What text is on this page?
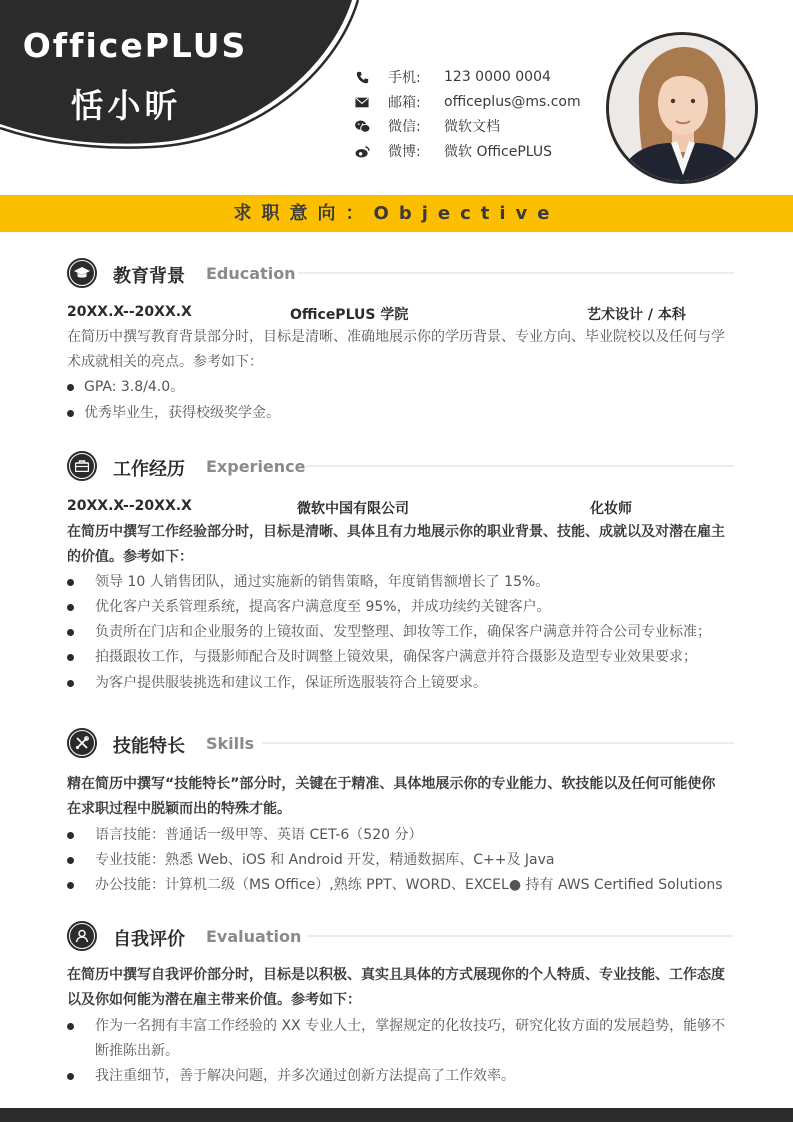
OfficePLUS
恬小昕
手机:	123 0000 0004
邮箱:	officeplus@ms.com
微信:	微软文档
微博:	微软 OfficePLUS
求职意向：Objective
教育背景 Education
20XX.X--20XX.X	OfficePLUS 学院	艺术设计 / 本科
在简历中撰写教育背景部分时，目标是清晰、准确地展示你的学历背景、专业方向、毕业院校以及任何与学术成就相关的亮点。参考如下：
GPA: 3.8/4.0。
优秀毕业生，获得校级奖学金。
工作经历 Experience
20XX.X--20XX.X	微软中国有限公司	化妆师
在简历中撰写工作经验部分时，目标是清晰、具体且有力地展示你的职业背景、技能、成就以及对潜在雇主的价值。参考如下：
领导 10 人销售团队，通过实施新的销售策略，年度销售额增长了 15%。
优化客户关系管理系统，提高客户满意度至 95%，并成功续约关键客户。
负责所在门店和企业服务的上镜妆面、发型整理、卸妆等工作，确保客户满意并符合公司专业标准；
拍摄跟妆工作，与摄影师配合及时调整上镜效果，确保客户满意并符合摄影及造型专业效果要求；
为客户提供服装挑选和建议工作，保证所选服装符合上镜要求。
技能特长 Skills
精在简历中撰写“技能特长”部分时，关键在于精准、具体地展示你的专业能力、软技能以及任何可能使你在求职过程中脱颖而出的特殊才能。
语言技能：普通话一级甲等、英语 CET-6（520 分）
专业技能：熟悉 Web、iOS 和 Android 开发，精通数据库、C++及 Java
办公技能：计算机二级（MS Office）,熟练 PPT、WORD、EXCEL● 持有 AWS Certified Solutions
自我评价 Evaluation
在简历中撰写自我评价部分时，目标是以积极、真实且具体的方式展现你的个人特质、专业技能、工作态度以及你如何能为潜在雇主带来价值。参考如下：
作为一名拥有丰富工作经验的 XX 专业人士，掌握规定的化妆技巧，研究化妆方面的发展趋势，能够不断推陈出新。
我注重细节，善于解决问题，并多次通过创新方法提高了工作效率。
